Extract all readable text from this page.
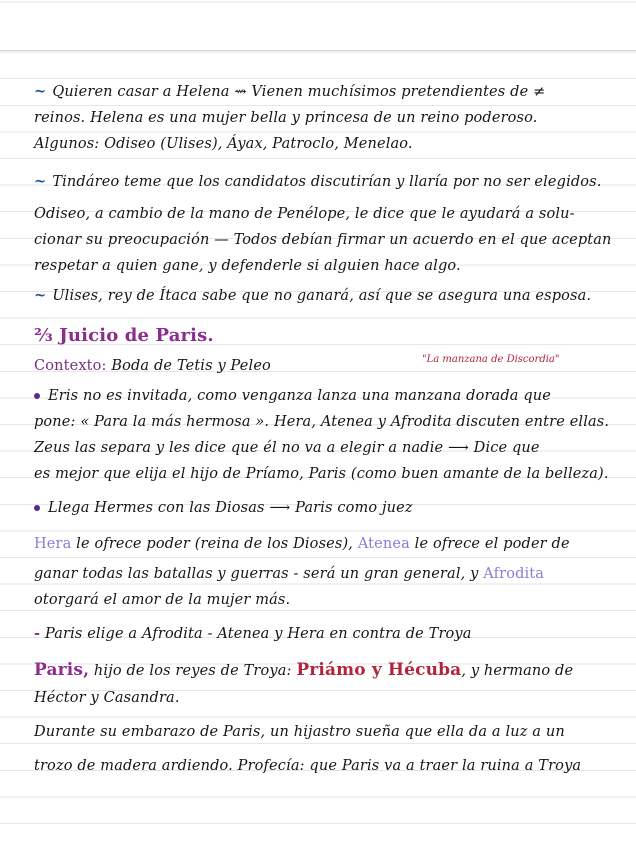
~ Quieren casar a Helena ⇝ Vienen muchísimos pretendientes de ≠
reinos. Helena es una mujer bella y princesa de un reino poderoso.
Algunos: Odiseo (Ulises), Áyax, Patroclo, Menelao.
~ Tindáreo teme que los candidatos discutirían y llaría por no ser elegidos.
Odiseo, a cambio de la mano de Penélope, le dice que le ayudará a solu-
cionar su preocupación — Todos debían firmar un acuerdo en el que aceptan
respetar a quien gane, y defenderle si alguien hace algo.
~ Ulises, rey de Ítaca sabe que no ganará, así que se asegura una esposa.
⅔ Juicio de Paris.
Contexto: Boda de Tetis y Peleo	"La manzana de Discordia"
Eris no es invitada, como venganza lanza una manzana dorada que
pone: « Para la más hermosa ». Hera, Atenea y Afrodita discuten entre ellas.
Zeus las separa y les dice que él no va a elegir a nadie ⟶ Dice que
es mejor que elija el hijo de Príamo, Paris (como buen amante de la belleza).
Llega Hermes con las Diosas ⟶ Paris como juez
Hera le ofrece poder (reina de los Dioses), Atenea le ofrece el poder de
ganar todas las batallas y guerras - será un gran general, y Afrodita
otorgará el amor de la mujer más.
- Paris elige a Afrodita - Atenea y Hera en contra de Troya
Paris, hijo de los reyes de Troya: Priámo y Hécuba, y hermano de
Héctor y Casandra.
Durante su embarazo de Paris, un hijastro sueña que ella da a luz a un
trozo de madera ardiendo. Profecía: que Paris va a traer la ruina a Troya
